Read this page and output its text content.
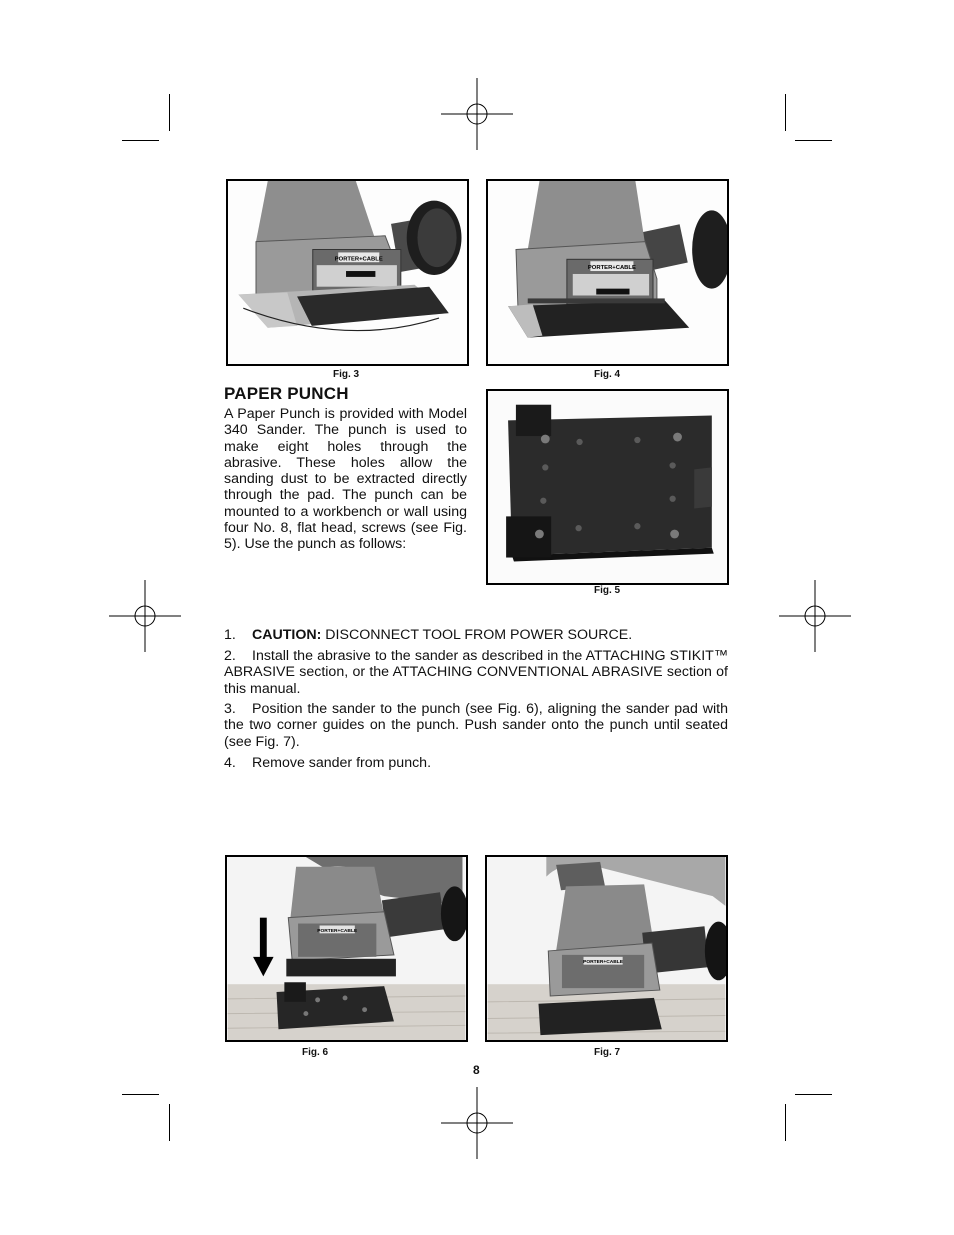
PORTER+CABLE
Fig. 3
PORTER+CABLE
Fig. 4
PAPER PUNCH
A Paper Punch is provided with Model 340 Sander. The punch is used to make eight holes through the abrasive. These holes allow the sanding dust to be extracted directly through the pad. The punch can be mounted to a workbench or wall using four No. 8, flat head, screws (see Fig. 5). Use the punch as follows:
Fig. 5
1. CAUTION: DISCONNECT TOOL FROM POWER SOURCE.
2. Install the abrasive to the sander as described in the ATTACHING STIKIT™ ABRASIVE section, or the ATTACHING CONVENTIONAL ABRASIVE section of this manual.
3. Position the sander to the punch (see Fig. 6), aligning the sander pad with the two corner guides on the punch. Push sander onto the punch until seated (see Fig. 7).
4. Remove sander from punch.
PORTER+CABLE
Fig. 6
PORTER+CABLE
Fig. 7
8
